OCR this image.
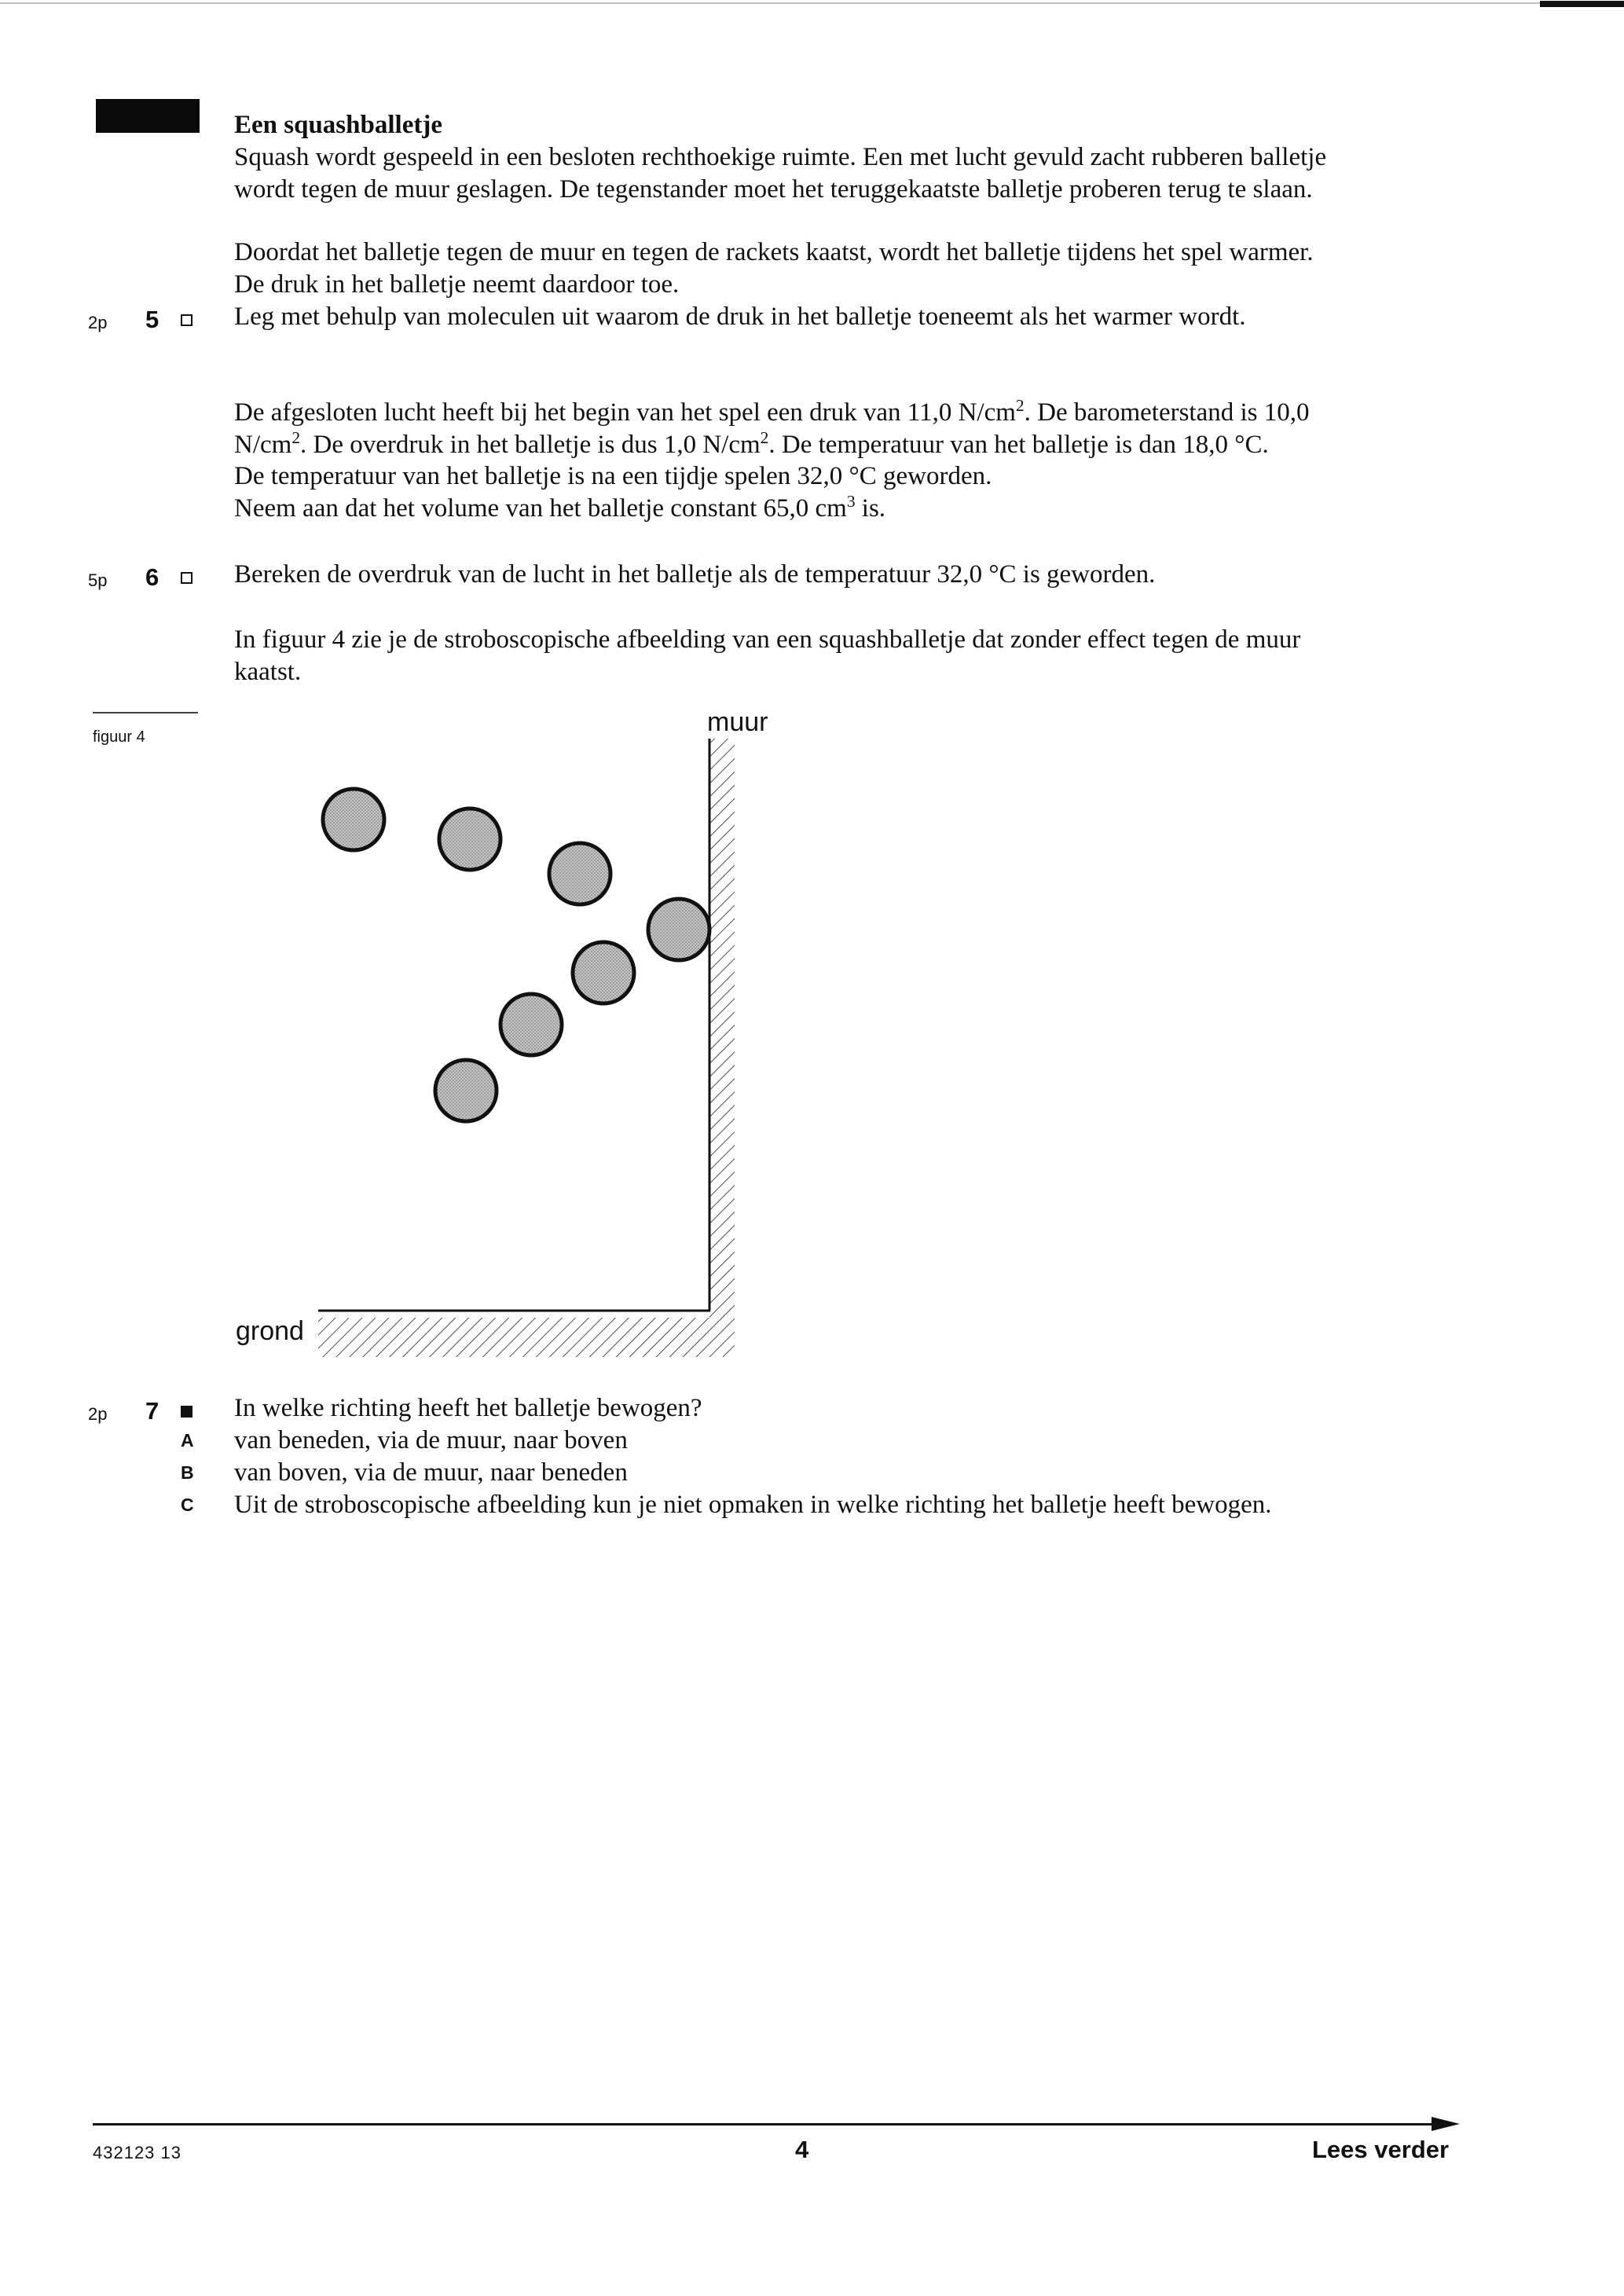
Een squashballetje
Squash wordt gespeeld in een besloten rechthoekige ruimte. Een met lucht gevuld zacht rubberen balletje wordt tegen de muur geslagen. De tegenstander moet het teruggekaatste balletje proberen terug te slaan.
Doordat het balletje tegen de muur en tegen de rackets kaatst, wordt het balletje tijdens het spel warmer. De druk in het balletje neemt daardoor toe.
2p 5	Leg met behulp van moleculen uit waarom de druk in het balletje toeneemt als het warmer wordt.
De afgesloten lucht heeft bij het begin van het spel een druk van 11,0 $N/cm^2$. De barometerstand is 10,0 $N/cm^2$. De overdruk in het balletje is dus 1,0 $N/cm^2$. De temperatuur van het balletje is dan 18,0 °C.
De temperatuur van het balletje is na een tijdje spelen 32,0 °C geworden.
Neem aan dat het volume van het balletje constant 65,0 $cm^3$ is.
5p 6	Bereken de overdruk van de lucht in het balletje als de temperatuur 32,0 °C is geworden.
In figuur 4 zie je de stroboscopische afbeelding van een squashballetje dat zonder effect tegen de muur kaatst.
figuur 4	muur
grond
2p 7	In welke richting heeft het balletje bewogen?
A van beneden, via de muur, naar boven
B van boven, via de muur, naar beneden
C Uit de stroboscopische afbeelding kun je niet opmaken in welke richting het balletje heeft bewogen.
432123 13	4	Lees verder
